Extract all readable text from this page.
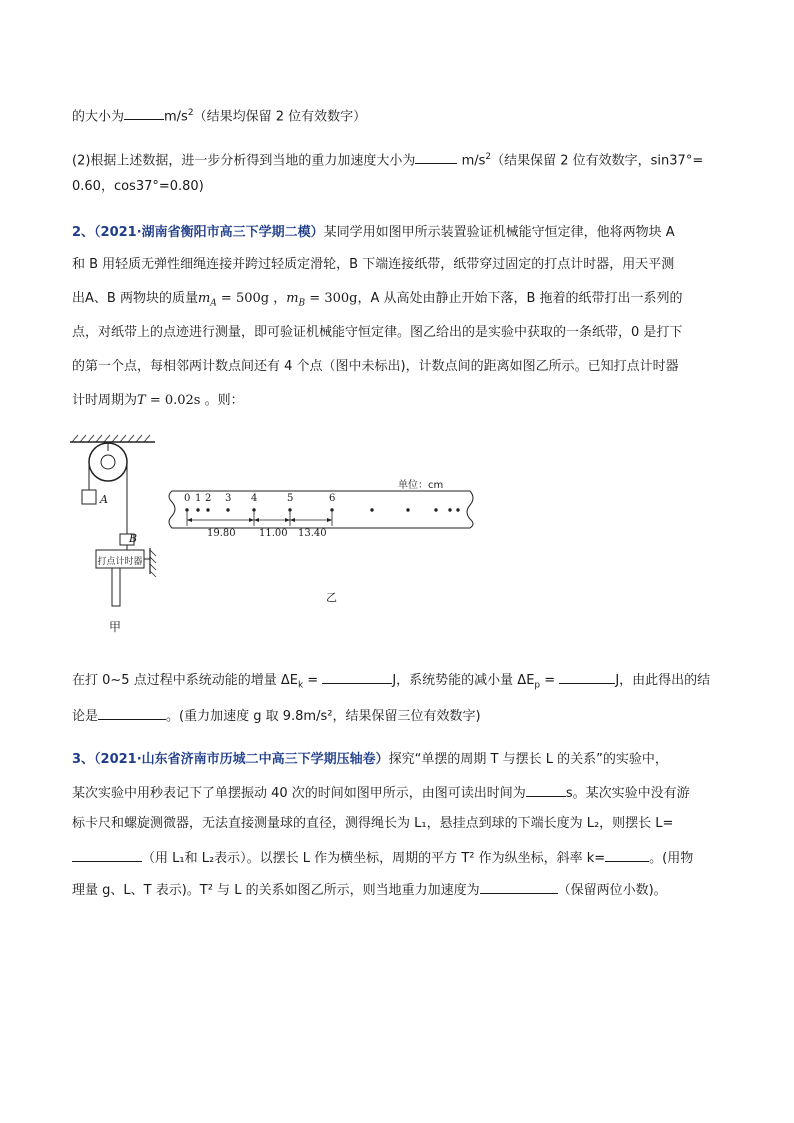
的大小为	$m/s^2$（结果均保留 2 位有效数字）
(2)根据上述数据，进一步分析得到当地的重力加速度大小为	$m/s^2$（结果保留 2 位有效数字，sin37°=
0.60，cos37°=0.80)
2、（2021·湖南省衡阳市高三下学期二模）某同学用如图甲所示装置验证机械能守恒定律，他将两物块 A
和 B 用轻质无弹性细绳连接并跨过轻质定滑轮，B 下端连接纸带，纸带穿过固定的打点计时器，用天平测
出A、B 两物块的质量$m_A = 500g$ ，$m_B = 300g$，A 从高处由静止开始下落，B 拖着的纸带打出一系列的
点，对纸带上的点迹进行测量，即可验证机械能守恒定律。图乙给出的是实验中获取的一条纸带，0 是打下
的第一个点，每相邻两计数点间还有 4 个点（图中未标出)，计数点间的距离如图乙所示。已知打点计时器
计时周期为T = 0.02s 。则：
A
B
打点计时器
甲
单位：cm
0 1 2 3 4	5	6
19.80 11.00 13.40
乙
在打 0~5 点过程中系统动能的增量 $\Delta E_k$ =	J，系统势能的减小量 $\Delta E_p$ =	J，由此得出的结
论是	。(重力加速度 g 取 9.8m/s²，结果保留三位有效数字)
3、（2021·山东省济南市历城二中高三下学期压轴卷）探究“单摆的周期 T 与摆长 L 的关系”的实验中，
某次实验中用秒表记下了单摆振动 40 次的时间如图甲所示，由图可读出时间为	s。某次实验中没有游
标卡尺和螺旋测微器，无法直接测量球的直径，测得绳长为 L₁，悬挂点到球的下端长度为 L₂，则摆长 L=
（用 L₁和 L₂表示）。以摆长 L 作为横坐标，周期的平方 T² 作为纵坐标，斜率 k=	。(用物
理量 g、L、T 表示)。T² 与 L 的关系如图乙所示，则当地重力加速度为	（保留两位小数)。
